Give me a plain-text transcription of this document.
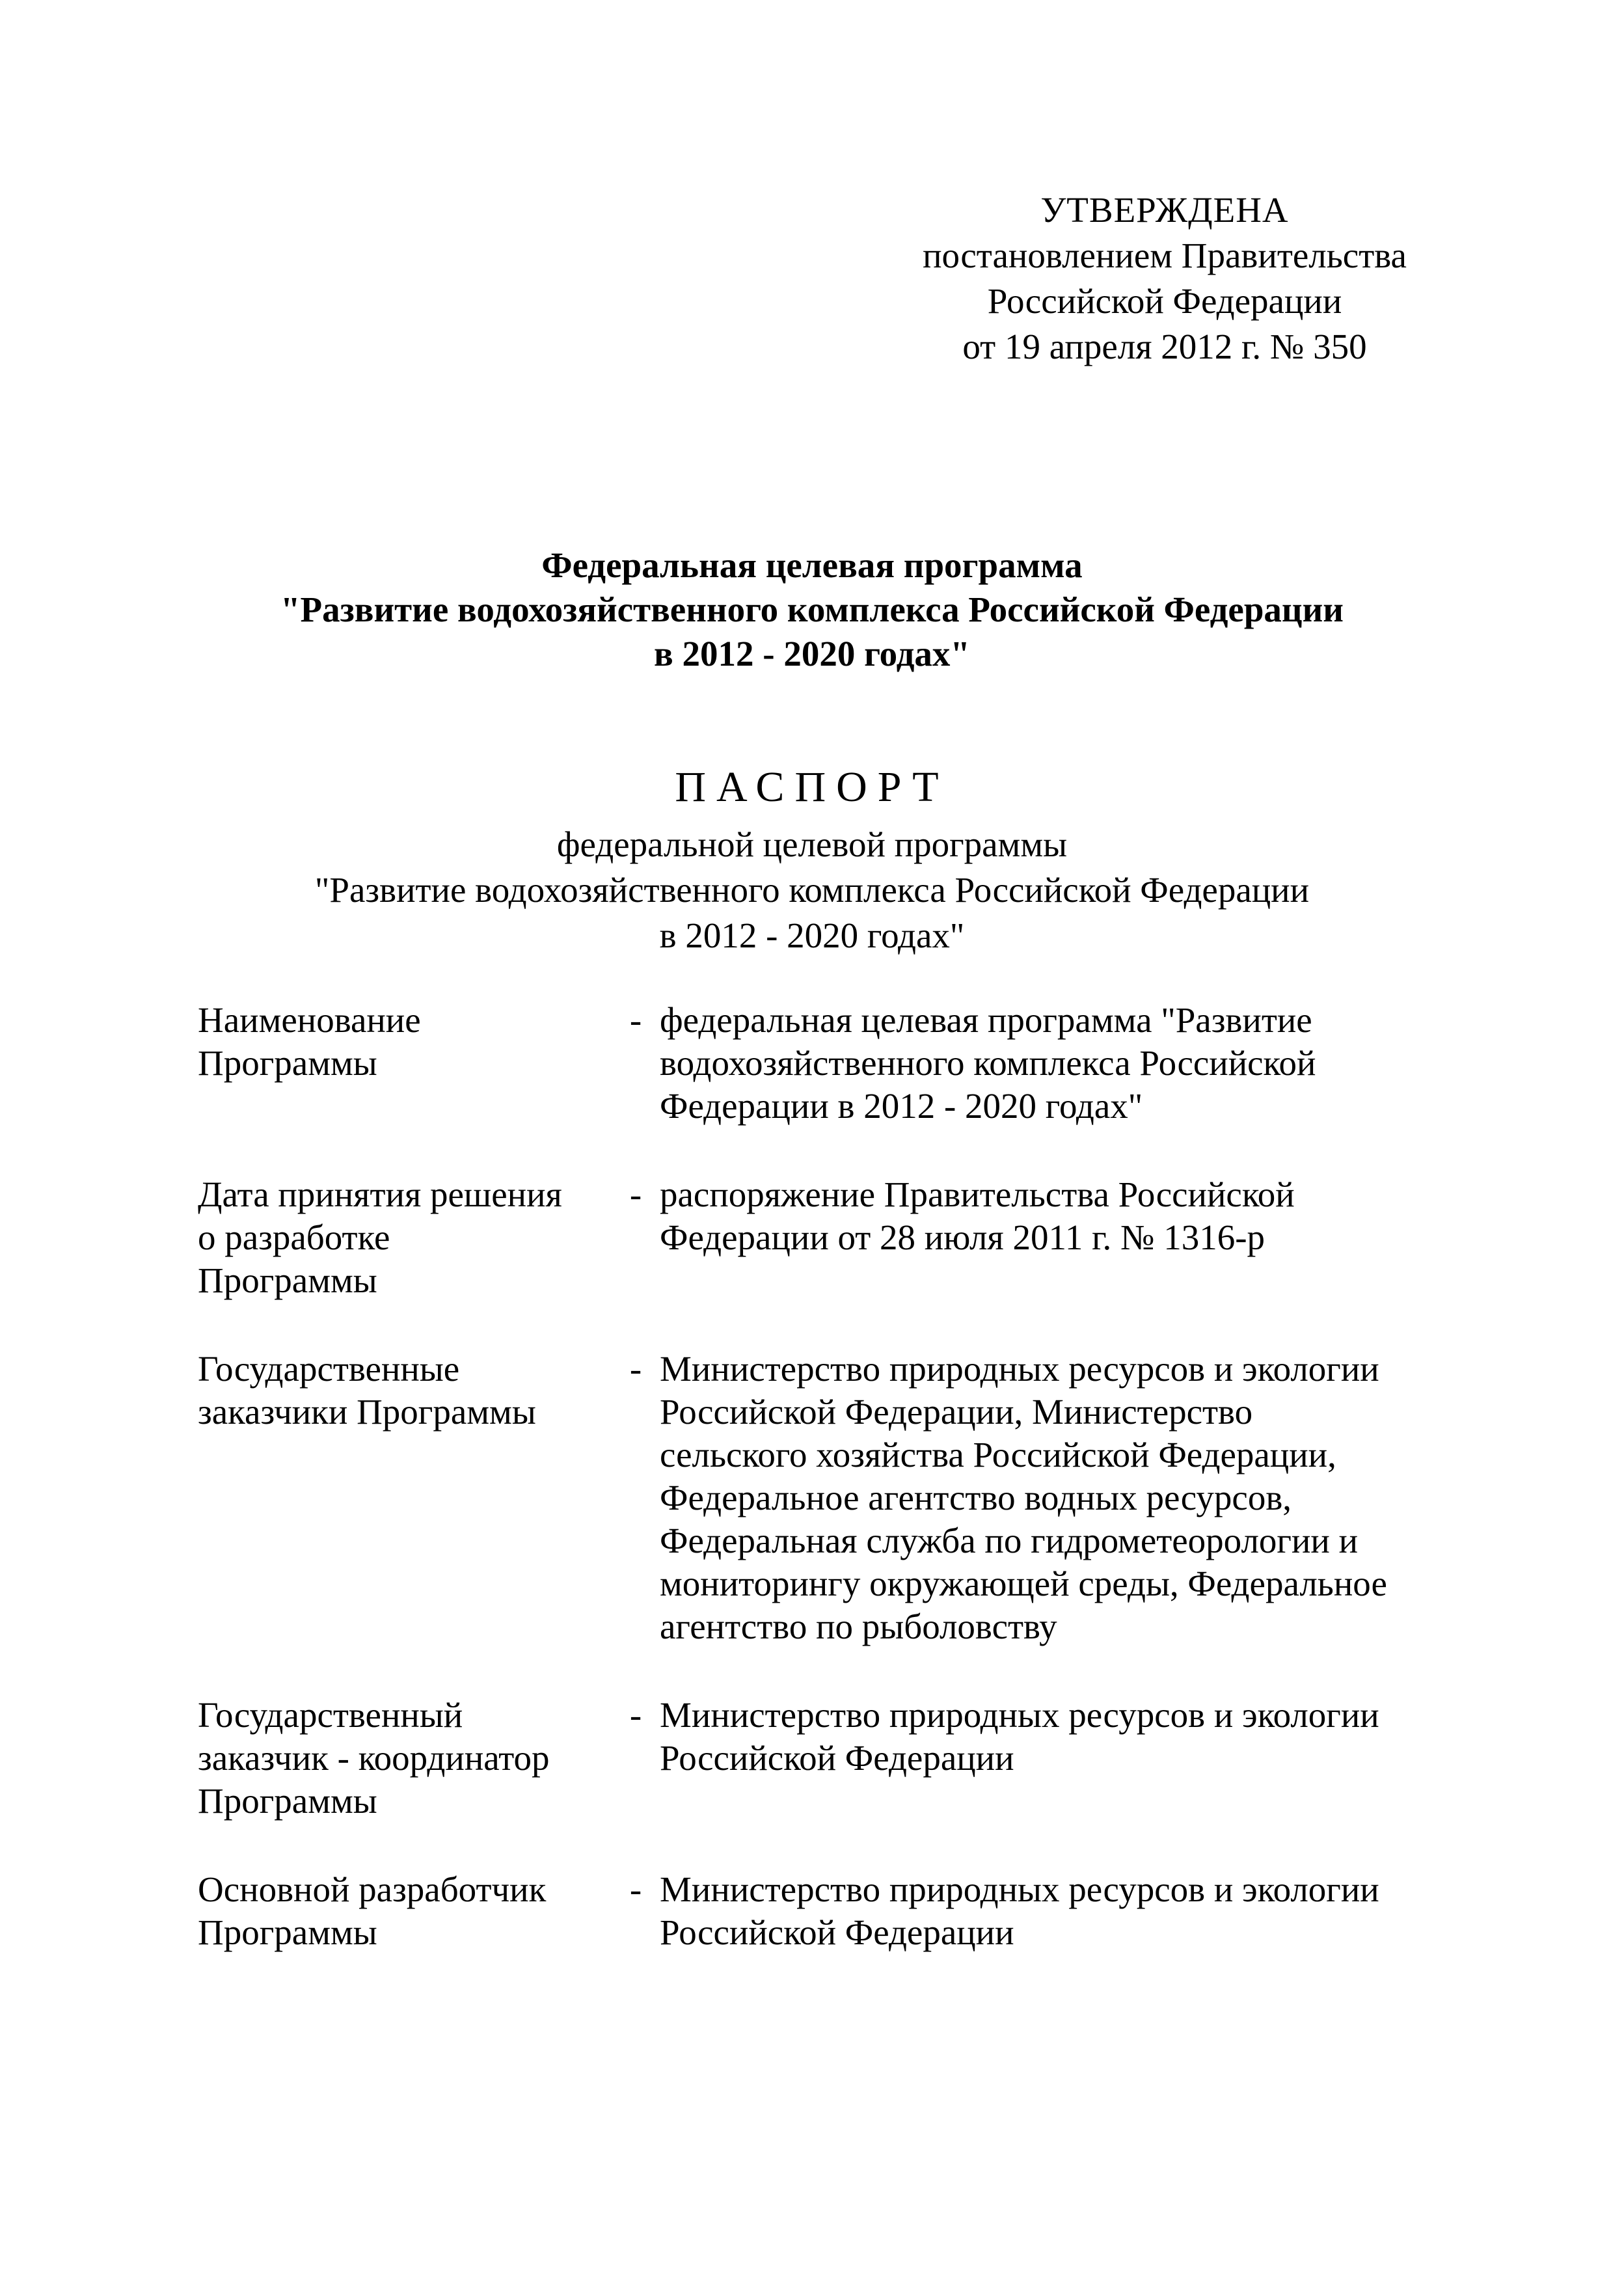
УТВЕРЖДЕНА
постановлением Правительства
Российской Федерации
от 19 апреля 2012 г. № 350
Федеральная целевая программа
"Развитие водохозяйственного комплекса Российской Федерации
в 2012 - 2020 годах"
ПАСПОРТ
федеральной целевой программы
"Развитие водохозяйственного комплекса Российской Федерации
в 2012 - 2020 годах"
Наименование
Программы
- федеральная целевая программа "Развитие
водохозяйственного комплекса Российской
Федерации в 2012 - 2020 годах"
Дата принятия решения
о разработке
Программы
- распоряжение Правительства Российской
Федерации от 28 июля 2011 г. № 1316-р
Государственные
заказчики Программы
- Министерство природных ресурсов и экологии
Российской Федерации, Министерство
сельского хозяйства Российской Федерации,
Федеральное агентство водных ресурсов,
Федеральная служба по гидрометеорологии и
мониторингу окружающей среды, Федеральное
агентство по рыболовству
Государственный
заказчик - координатор
Программы
- Министерство природных ресурсов и экологии
Российской Федерации
Основной разработчик
Программы
- Министерство природных ресурсов и экологии
Российской Федерации
